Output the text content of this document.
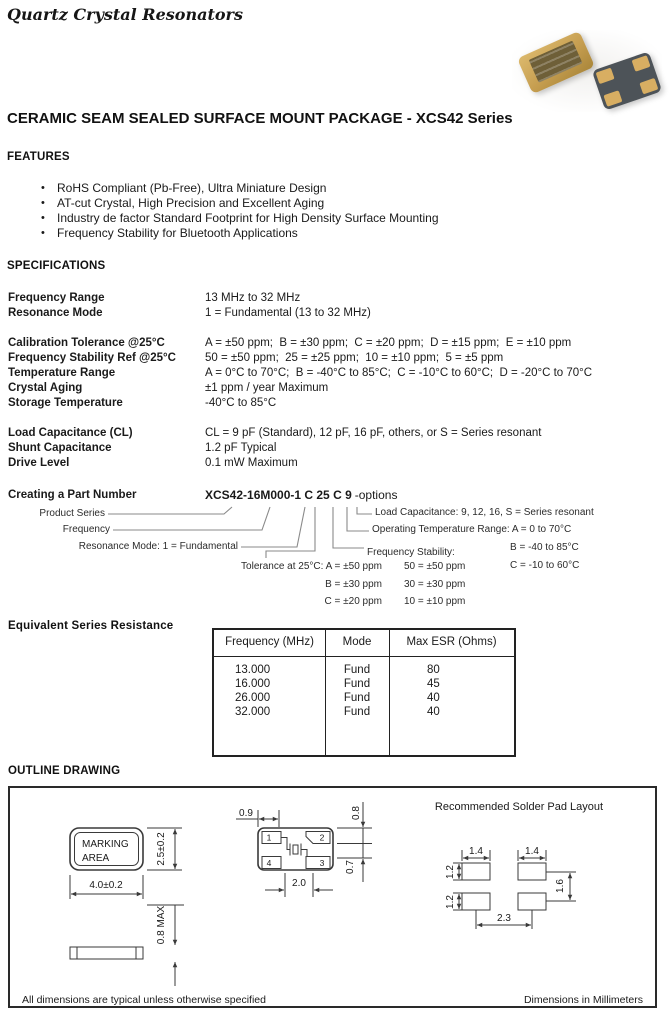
Quartz Crystal Resonators
CERAMIC SEAM SEALED SURFACE MOUNT PACKAGE - XCS42 Series
FEATURES
• RoHS Compliant (Pb-Free), Ultra Miniature Design
• AT-cut Crystal, High Precision and Excellent Aging
• Industry de factor Standard Footprint for High Density Surface Mounting
• Frequency Stability for Bluetooth Applications
SPECIFICATIONS
Frequency Range	13 MHz to 32 MHz
Resonance Mode	1 = Fundamental (13 to 32 MHz)
Calibration Tolerance @25°C	A = ±50 ppm;  B = ±30 ppm;  C = ±20 ppm;  D = ±15 ppm;  E = ±10 ppm
Frequency Stability Ref @25°C	50 = ±50 ppm;  25 = ±25 ppm;  10 = ±10 ppm;  5 = ±5 ppm
Temperature Range	A = 0°C to 70°C;  B = -40°C to 85°C;  C = -10°C to 60°C;  D = -20°C to 70°C
Crystal Aging	±1 ppm / year Maximum
Storage Temperature	-40°C to 85°C
Load Capacitance (CL)	CL = 9 pF (Standard), 12 pF, 16 pF, others, or S = Series resonant
Shunt Capacitance	1.2 pF Typical
Drive Level	0.1 mW Maximum
Creating a Part Number	XCS42-16M000-1 C 25 C 9 -options
Product Series
Frequency
Resonance Mode: 1 = Fundamental
Tolerance at 25°C: A = ±50 ppm
B = ±30 ppm
C = ±20 ppm
Load Capacitance: 9, 12, 16, S = Series resonant
Operating Temperature Range: A = 0 to 70°C
B = -40 to 85°C
C = -10 to 60°C
Frequency Stability:
50 = ±50 ppm
30 = ±30 ppm
10 = ±10 ppm
Equivalent Series Resistance
Frequency (MHz)	Mode	Max ESR (Ohms)
13.000	Fund	80
16.000	Fund	45
26.000	Fund	40
32.000	Fund	40
OUTLINE DRAWING
MARKING
AREA	2.5±0.2
4.0±0.2
0.8 MAX
1	2
4	3
0.9
2.0
0.8
0.7
Recommended Solder Pad Layout
1.4	1.4
1.2
1.2
1.6
2.3
All dimensions are typical unless otherwise specified	Dimensions in Millimeters
